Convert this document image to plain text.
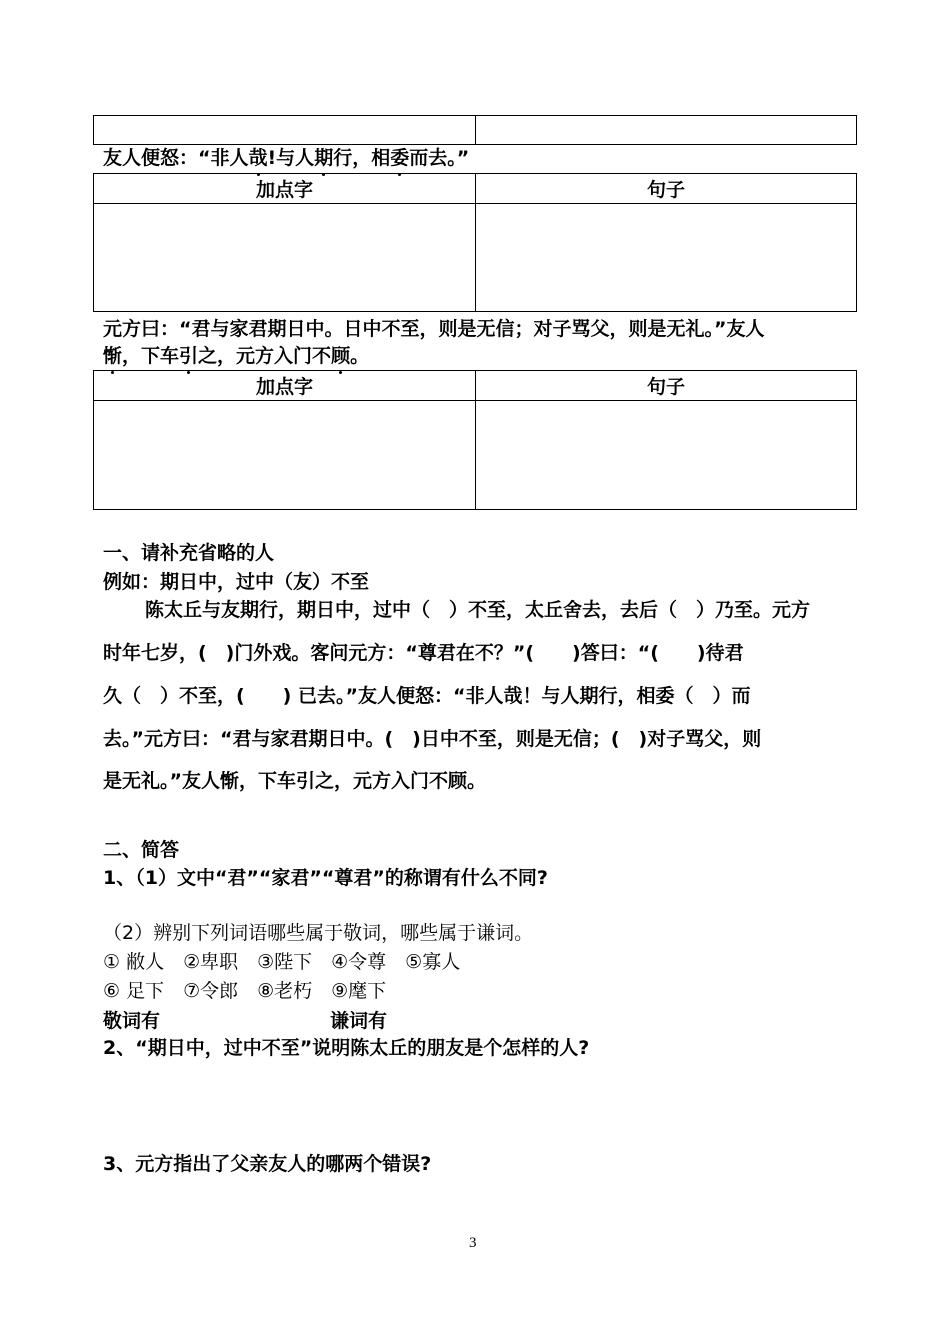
友人便怒：“非人哉!与人期行，相委而去。”
加点字	句子

元方曰：“君与家君期日中。日中不至，则是无信；对子骂父，则是无礼。”友人
惭，下车引之，元方入门不顾。
加点字	句子

一、请补充省略的人
例如：期日中，过中（友）不至
陈太丘与友期行，期日中，过中（　）不至，太丘舍去，去后（　）乃至。元方
时年七岁，(　)门外戏。客问元方：“尊君在不？”(　　)答曰：“(　　)待君
久（　）不至，(　　) 已去。”友人便怒：“非人哉！与人期行，相委（　）而
去。”元方曰：“君与家君期日中。(　)日中不至，则是无信；(　)对子骂父，则
是无礼。”友人惭，下车引之，元方入门不顾。
二、简答
1、（1）文中“君”“家君”“尊君”的称谓有什么不同?
（2）辨别下列词语哪些属于敬词，哪些属于谦词。
① 敝人　②卑职　③陛下　④令尊　⑤寡人
⑥ 足下　⑦令郎　⑧老朽　⑨麾下
敬词有	谦词有
2、“期日中，过中不至”说明陈太丘的朋友是个怎样的人?
3、元方指出了父亲友人的哪两个错误?
3
